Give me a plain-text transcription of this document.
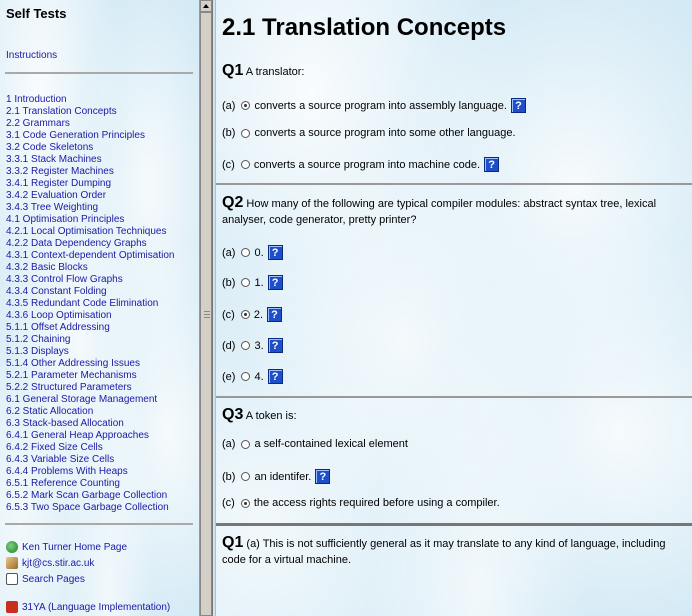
Self Tests
Instructions
1 Introduction
2.1 Translation Concepts
2.2 Grammars
3.1 Code Generation Principles
3.2 Code Skeletons
3.3.1 Stack Machines
3.3.2 Register Machines
3.4.1 Register Dumping
3.4.2 Evaluation Order
3.4.3 Tree Weighting
4.1 Optimisation Principles
4.2.1 Local Optimisation Techniques
4.2.2 Data Dependency Graphs
4.3.1 Context-dependent Optimisation
4.3.2 Basic Blocks
4.3.3 Control Flow Graphs
4.3.4 Constant Folding
4.3.5 Redundant Code Elimination
4.3.6 Loop Optimisation
5.1.1 Offset Addressing
5.1.2 Chaining
5.1.3 Displays
5.1.4 Other Addressing Issues
5.2.1 Parameter Mechanisms
5.2.2 Structured Parameters
6.1 General Storage Management
6.2 Static Allocation
6.3 Stack-based Allocation
6.4.1 General Heap Approaches
6.4.2 Fixed Size Cells
6.4.3 Variable Size Cells
6.4.4 Problems With Heaps
6.5.1 Reference Counting
6.5.2 Mark Scan Garbage Collection
6.5.3 Two Space Garbage Collection
Ken Turner Home Page
kjt@cs.stir.ac.uk
Search Pages
31YA (Language Implementation)
2.1 Translation Concepts
Q1 A translator:
(a) converts a source program into assembly language. ?
(b) converts a source program into some other language.
(c) converts a source program into machine code. ?
Q2 How many of the following are typical compiler modules: abstract syntax tree, lexical analyser, code generator, pretty printer?
(a) 0. ?
(b) 1. ?
(c) 2. ?
(d) 3. ?
(e) 4. ?
Q3 A token is:
(a) a self-contained lexical element
(b) an identifer. ?
(c) the access rights required before using a compiler.
Q1 (a) This is not sufficiently general as it may translate to any kind of language, including code for a virtual machine.
